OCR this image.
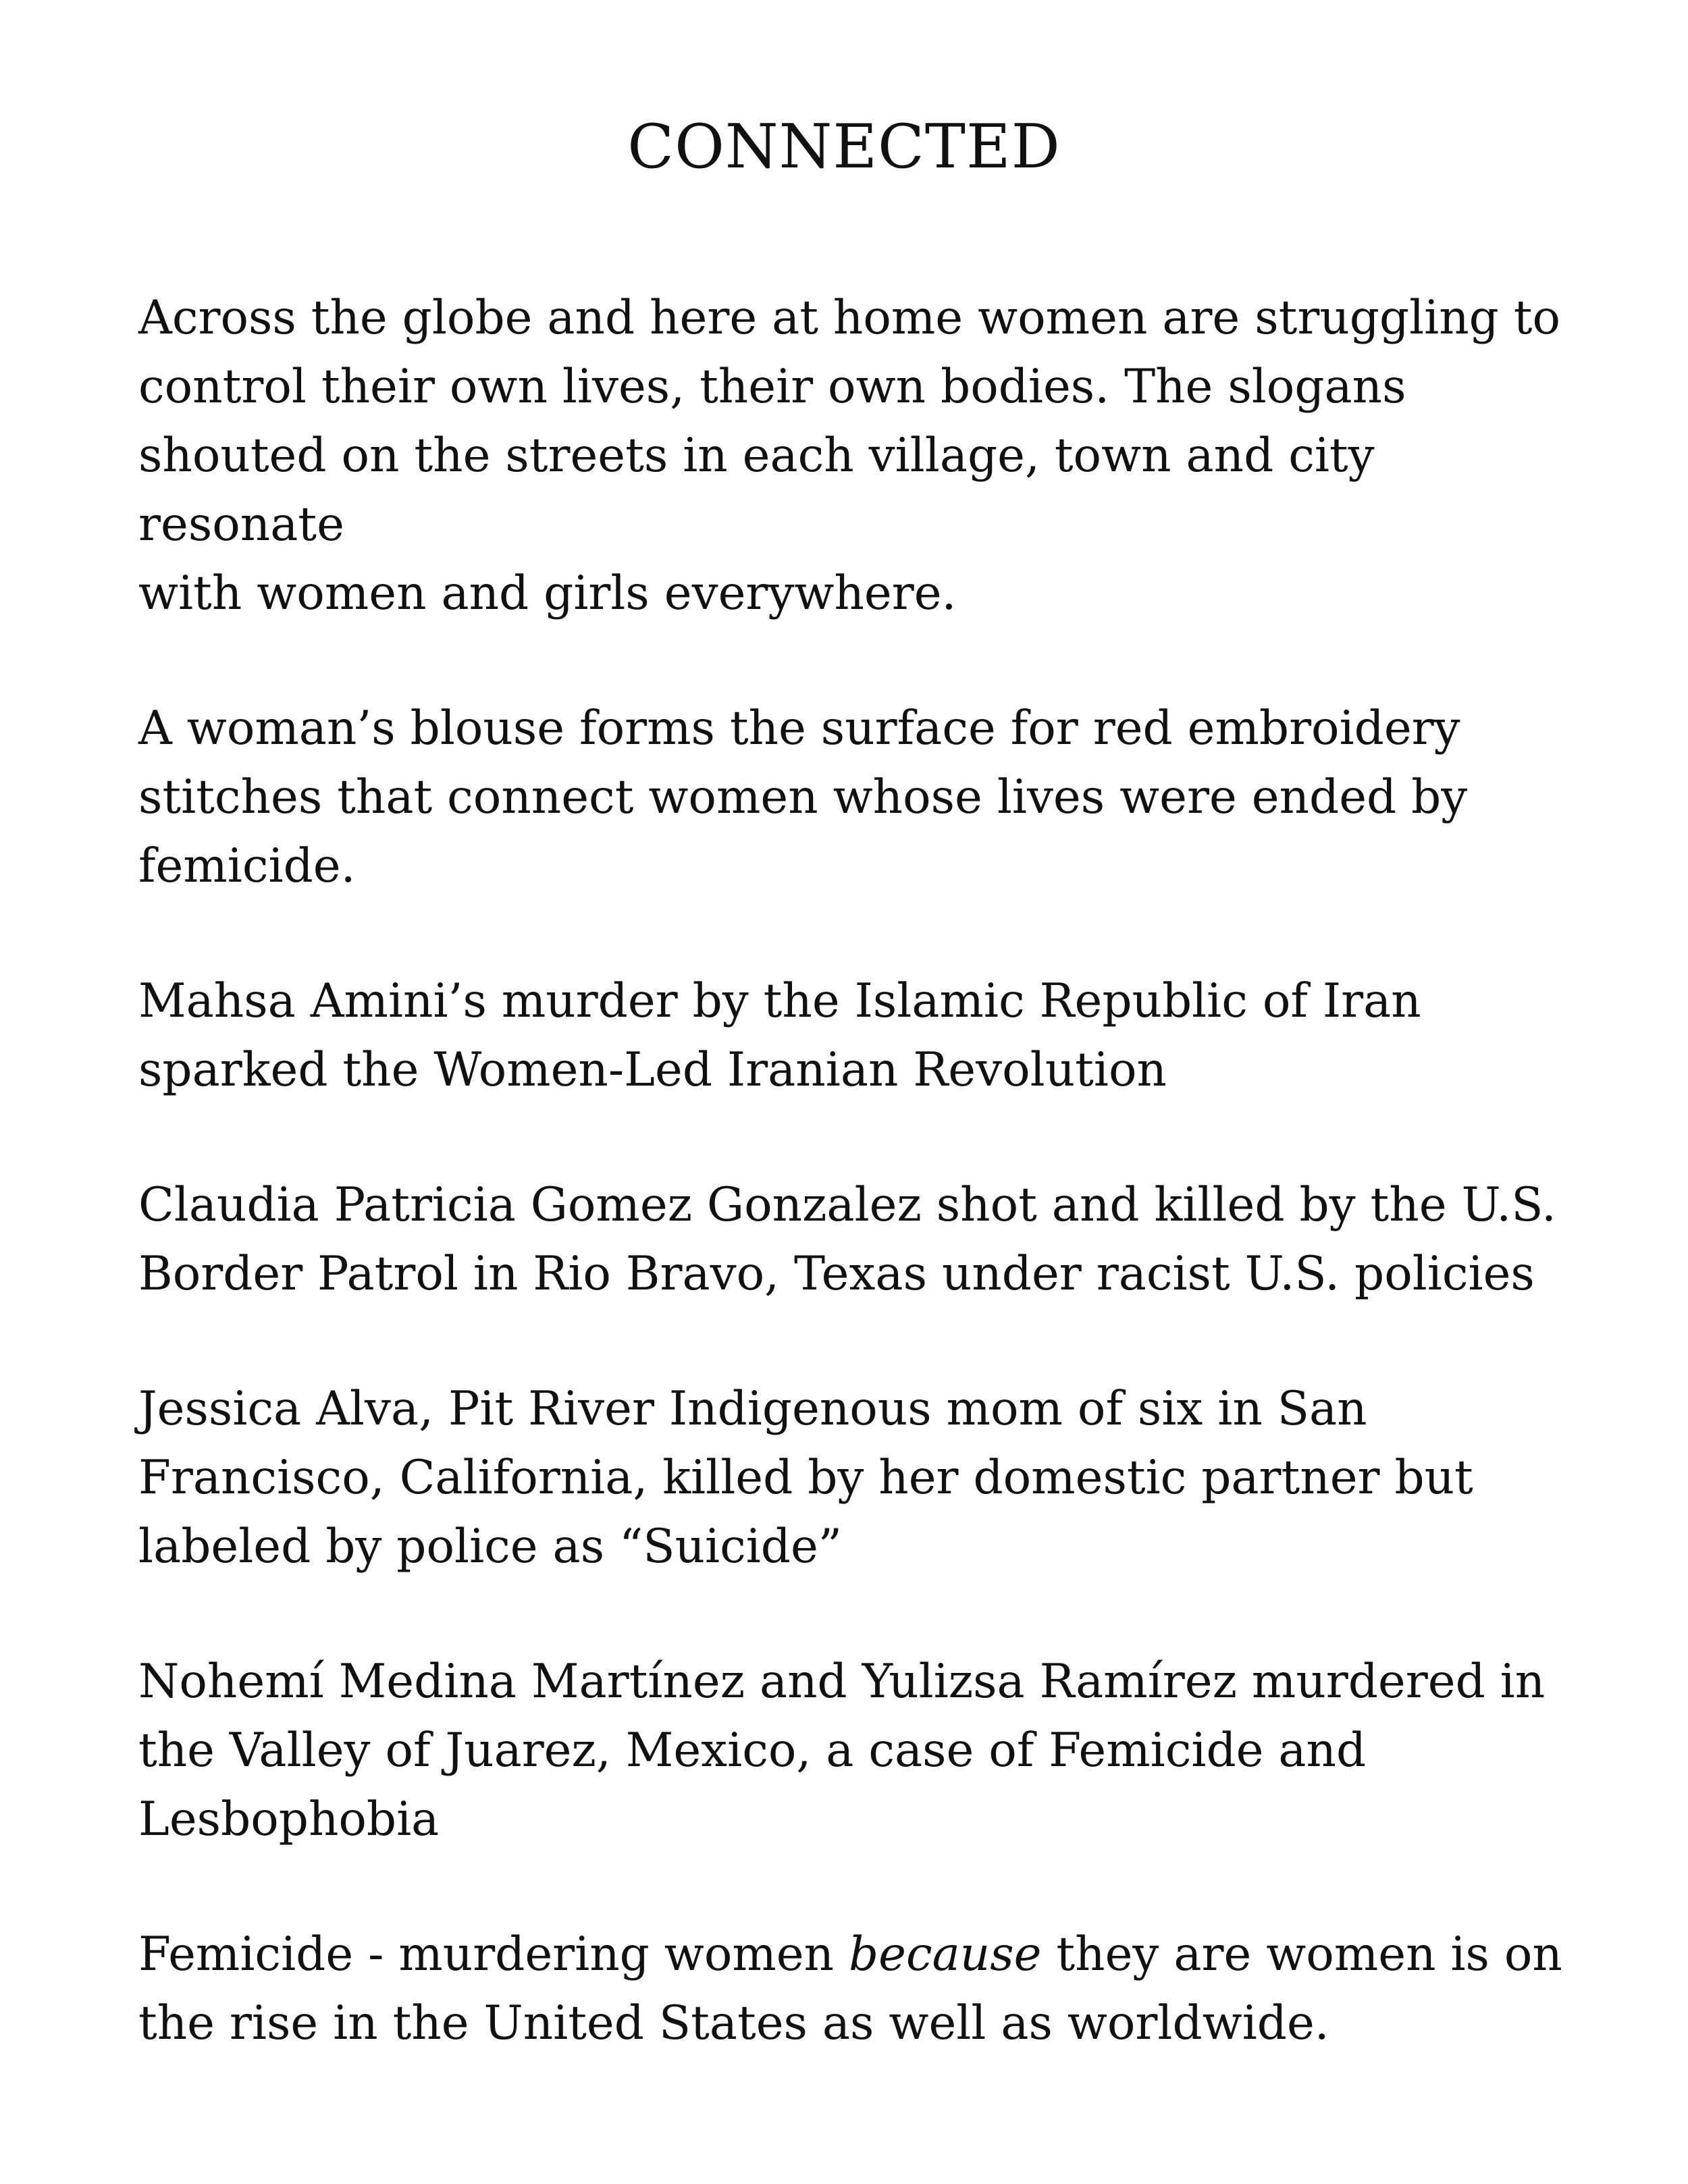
CONNECTED

Across the globe and here at home women are struggling to
control their own lives, their own bodies. The slogans
shouted on the streets in each village, town and city resonate
with women and girls everywhere.

A woman’s blouse forms the surface for red embroidery
stitches that connect women whose lives were ended by
femicide.

Mahsa Amini’s murder by the Islamic Republic of Iran
sparked the Women-Led Iranian Revolution

Claudia Patricia Gomez Gonzalez shot and killed by the U.S.
Border Patrol in Rio Bravo, Texas under racist U.S. policies

Jessica Alva, Pit River Indigenous mom of six in San
Francisco, California, killed by her domestic partner but
labeled by police as “Suicide”

Nohemí Medina Martínez and Yulizsa Ramírez murdered in
the Valley of Juarez, Mexico, a case of Femicide and
Lesbophobia

Femicide - murdering women because they are women is on
the rise in the United States as well as worldwide.
